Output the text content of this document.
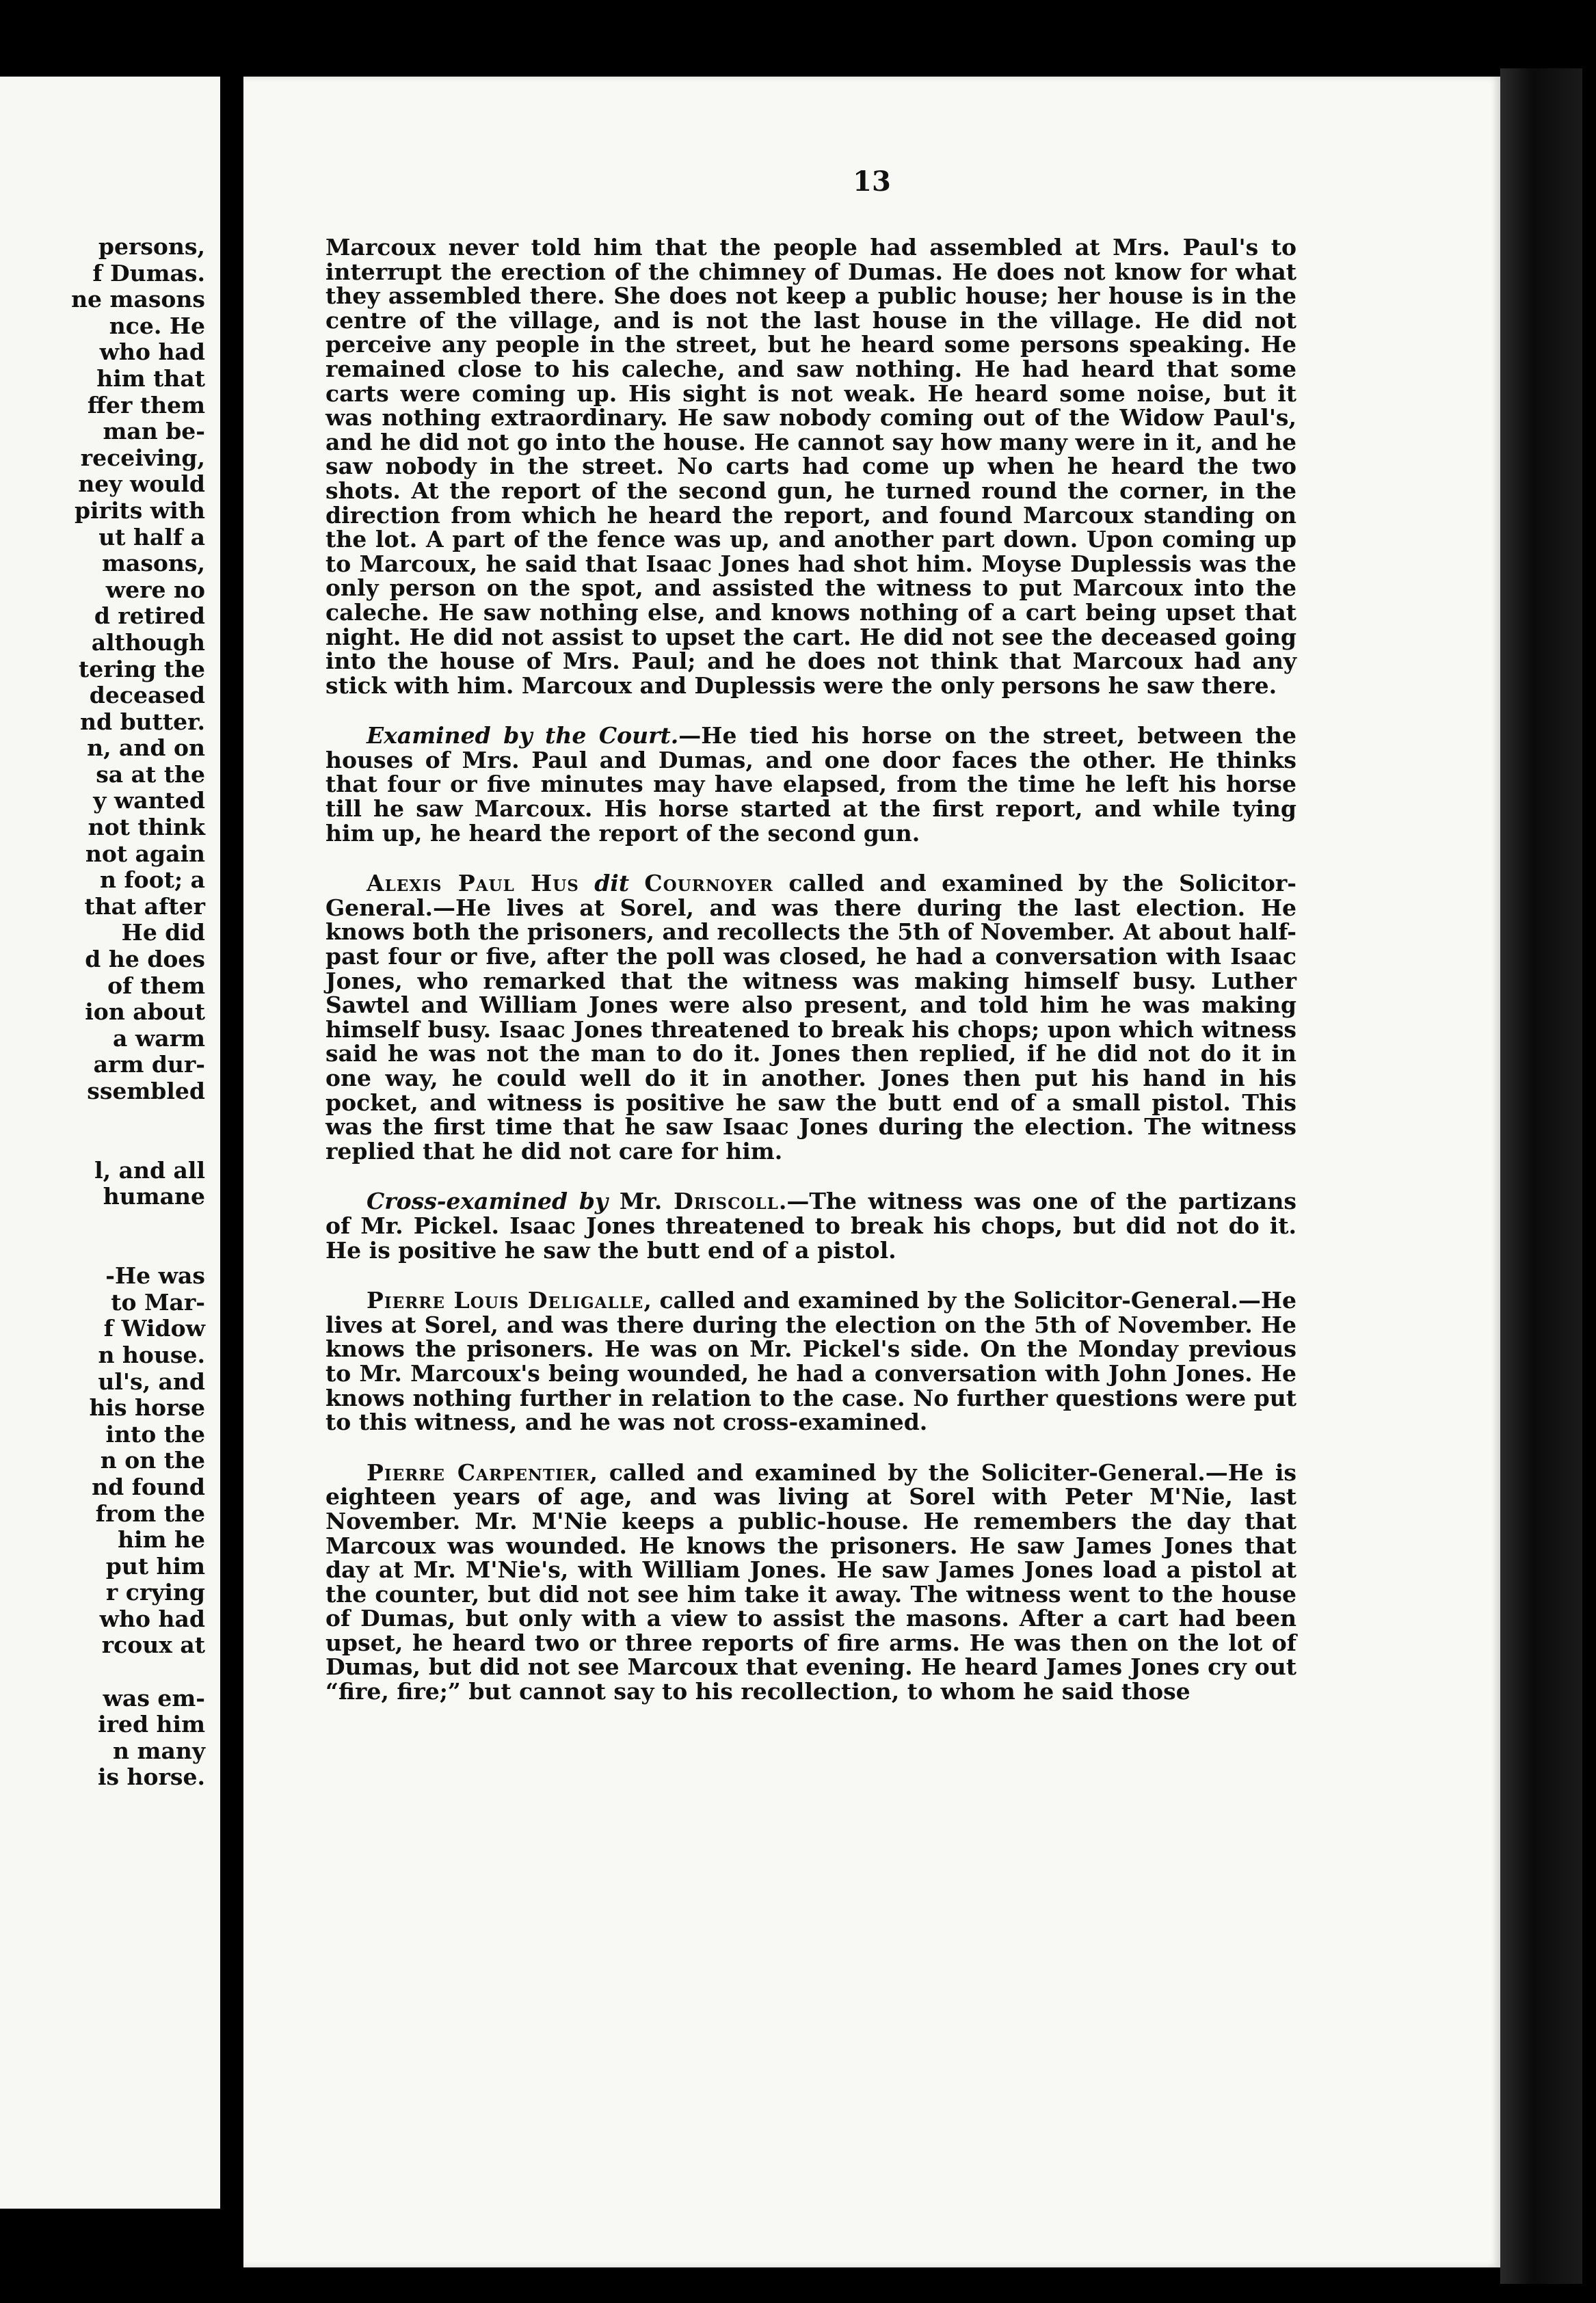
persons,
f Dumas.
ne masons
nce. He
who had
him that
ffer them
man be-
receiving,
ney would
pirits with
ut half a
masons,
were no
d retired
although
tering the
deceased
nd butter.
n, and on
sa at the
y wanted
not think
not again
n foot; a
that after
He did
d he does
of them
ion about
a warm
arm dur-
ssembled
l, and all
humane
-He was
to Mar-
f Widow
n house.
ul's, and
his horse
into the
n on the
nd found
from the
him he
put him
r crying
who had
rcoux at
was em-
ired him
n many
is horse.
13

Marcoux never told him that the people had assembled at Mrs. Paul's to interrupt the erection of the chimney of Dumas. He does not know for what they assembled there. She does not keep a public house; her house is in the centre of the village, and is not the last house in the village. He did not perceive any people in the street, but he heard some persons speaking. He remained close to his caleche, and saw nothing. He had heard that some carts were coming up. His sight is not weak. He heard some noise, but it was nothing extraordinary. He saw nobody coming out of the Widow Paul's, and he did not go into the house. He cannot say how many were in it, and he saw nobody in the street. No carts had come up when he heard the two shots. At the report of the second gun, he turned round the corner, in the direction from which he heard the report, and found Marcoux standing on the lot. A part of the fence was up, and another part down. Upon coming up to Marcoux, he said that Isaac Jones had shot him. Moyse Duplessis was the only person on the spot, and assisted the witness to put Marcoux into the caleche. He saw nothing else, and knows nothing of a cart being upset that night. He did not assist to upset the cart. He did not see the deceased going into the house of Mrs. Paul; and he does not think that Marcoux had any stick with him. Marcoux and Duplessis were the only persons he saw there.

Examined by the Court.—He tied his horse on the street, between the houses of Mrs. Paul and Dumas, and one door faces the other. He thinks that four or five minutes may have elapsed, from the time he left his horse till he saw Marcoux. His horse started at the first report, and while tying him up, he heard the report of the second gun.

Alexis Paul Hus dit Cournoyer called and examined by the Solicitor-General.—He lives at Sorel, and was there during the last election. He knows both the prisoners, and recollects the 5th of November. At about half-past four or five, after the poll was closed, he had a conversation with Isaac Jones, who remarked that the witness was making himself busy. Luther Sawtel and William Jones were also present, and told him he was making himself busy. Isaac Jones threatened to break his chops; upon which witness said he was not the man to do it. Jones then replied, if he did not do it in one way, he could well do it in another. Jones then put his hand in his pocket, and witness is positive he saw the butt end of a small pistol. This was the first time that he saw Isaac Jones during the election. The witness replied that he did not care for him.

Cross-examined by Mr. Driscoll.—The witness was one of the partizans of Mr. Pickel. Isaac Jones threatened to break his chops, but did not do it. He is positive he saw the butt end of a pistol.

Pierre Louis Deligalle, called and examined by the Solicitor-General.—He lives at Sorel, and was there during the election on the 5th of November. He knows the prisoners. He was on Mr. Pickel's side. On the Monday previous to Mr. Marcoux's being wounded, he had a conversation with John Jones. He knows nothing further in relation to the case. No further questions were put to this witness, and he was not cross-examined.

Pierre Carpentier, called and examined by the Soliciter-General.—He is eighteen years of age, and was living at Sorel with Peter M'Nie, last November. Mr. M'Nie keeps a public-house. He remembers the day that Marcoux was wounded. He knows the prisoners. He saw James Jones that day at Mr. M'Nie's, with William Jones. He saw James Jones load a pistol at the counter, but did not see him take it away. The witness went to the house of Dumas, but only with a view to assist the masons. After a cart had been upset, he heard two or three reports of fire arms. He was then on the lot of Dumas, but did not see Marcoux that evening. He heard James Jones cry out “fire, fire;” but cannot say to his recollection, to whom he said those
